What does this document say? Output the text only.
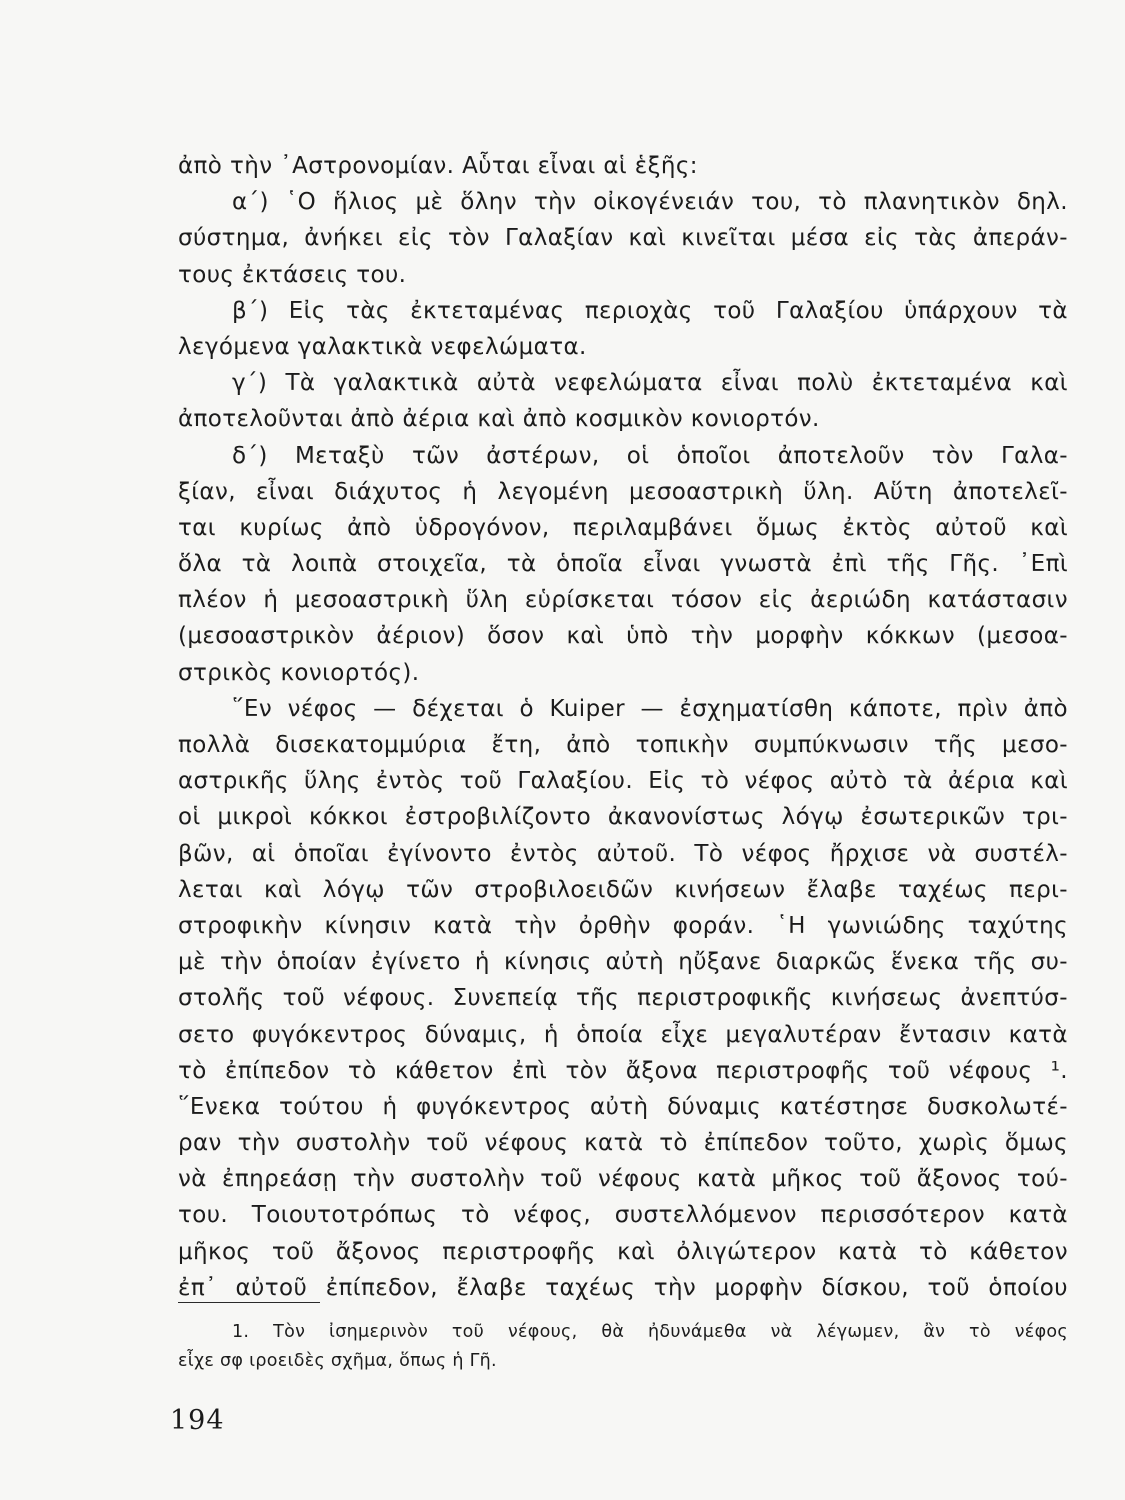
ἀπὸ τὴν ᾿Αστρονομίαν. Αὗται εἶναι αἱ ἑξῆς:
α´) ῾Ο ἥλιος μὲ ὅλην τὴν οἰκογένειάν του, τὸ πλανητικὸν δηλ.
σύστημα, ἀνήκει εἰς τὸν Γαλαξίαν καὶ κινεῖται μέσα εἰς τὰς ἀπεράν-
τους ἐκτάσεις του.
β´) Εἰς τὰς ἐκτεταμένας περιοχὰς τοῦ Γαλαξίου ὑπάρχουν τὰ
λεγόμενα γαλακτικὰ νεφελώματα.
γ´) Τὰ γαλακτικὰ αὐτὰ νεφελώματα εἶναι πολὺ ἐκτεταμένα καὶ
ἀποτελοῦνται ἀπὸ ἀέρια καὶ ἀπὸ κοσμικὸν κονιορτόν.
δ´) Μεταξὺ τῶν ἀστέρων, οἱ ὁποῖοι ἀποτελοῦν τὸν Γαλα-
ξίαν, εἶναι διάχυτος ἡ λεγομένη μεσοαστρικὴ ὕλη. Αὕτη ἀποτελεῖ-
ται κυρίως ἀπὸ ὑδρογόνον, περιλαμβάνει ὅμως ἐκτὸς αὐτοῦ καὶ
ὅλα τὰ λοιπὰ στοιχεῖα, τὰ ὁποῖα εἶναι γνωστὰ ἐπὶ τῆς Γῆς. ᾿Επὶ
πλέον ἡ μεσοαστρικὴ ὕλη εὑρίσκεται τόσον εἰς ἀεριώδη κατάστασιν
(μεσοαστρικὸν ἀέριον) ὅσον καὶ ὑπὸ τὴν μορφὴν κόκκων (μεσοα-
στρικὸς κονιορτός).
῞Εν νέφος — δέχεται ὁ Kuiper — ἐσχηματίσθη κάποτε, πρὶν ἀπὸ
πολλὰ δισεκατομμύρια ἔτη, ἀπὸ τοπικὴν συμπύκνωσιν τῆς μεσο-
αστρικῆς ὕλης ἐντὸς τοῦ Γαλαξίου. Εἰς τὸ νέφος αὐτὸ τὰ ἀέρια καὶ
οἱ μικροὶ κόκκοι ἐστροβιλίζοντο ἀκανονίστως λόγῳ ἐσωτερικῶν τρι-
βῶν, αἱ ὁποῖαι ἐγίνοντο ἐντὸς αὐτοῦ. Τὸ νέφος ἤρχισε νὰ συστέλ-
λεται καὶ λόγῳ τῶν στροβιλοειδῶν κινήσεων ἔλαβε ταχέως περι-
στροφικὴν κίνησιν κατὰ τὴν ὀρθὴν φοράν. ῾Η γωνιώδης ταχύτης
μὲ τὴν ὁποίαν ἐγίνετο ἡ κίνησις αὐτὴ ηὔξανε διαρκῶς ἕνεκα τῆς συ-
στολῆς τοῦ νέφους. Συνεπείᾳ τῆς περιστροφικῆς κινήσεως ἀνεπτύσ-
σετο φυγόκεντρος δύναμις, ἡ ὁποία εἶχε μεγαλυτέραν ἔντασιν κατὰ
τὸ ἐπίπεδον τὸ κάθετον ἐπὶ τὸν ἄξονα περιστροφῆς τοῦ νέφους ¹.
῞Ενεκα τούτου ἡ φυγόκεντρος αὐτὴ δύναμις κατέστησε δυσκολωτέ-
ραν τὴν συστολὴν τοῦ νέφους κατὰ τὸ ἐπίπεδον τοῦτο, χωρὶς ὅμως
νὰ ἐπηρεάσῃ τὴν συστολὴν τοῦ νέφους κατὰ μῆκος τοῦ ἄξονος τού-
του. Τοιουτοτρόπως τὸ νέφος, συστελλόμενον περισσότερον κατὰ
μῆκος τοῦ ἄξονος περιστροφῆς καὶ ὀλιγώτερον κατὰ τὸ κάθετον
ἐπ᾿ αὐτοῦ ἐπίπεδον, ἔλαβε ταχέως τὴν μορφὴν δίσκου, τοῦ ὁποίου
1. Τὸν ἰσημερινὸν τοῦ νέφους, θὰ ἠδυνάμεθα νὰ λέγωμεν, ἂν τὸ νέφος
εἶχε σφ ιροειδὲς σχῆμα, ὅπως ἡ Γῆ.
194
